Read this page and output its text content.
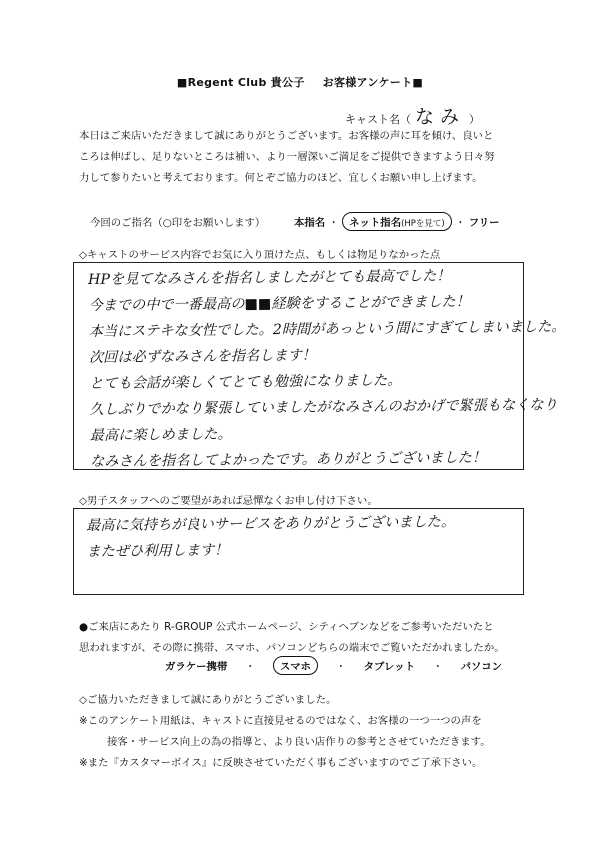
■Regent Club 貴公子 お客様アンケート■
キャスト名（ なみ ）
本日はご来店いただきまして誠にありがとうございます。お客様の声に耳を傾け、良いと
ころは伸ばし、足りないところは補い、より一層深いご満足をご提供できますよう日々努
力して参りたいと考えております。何とぞご協力のほど、宜しくお願い申し上げます。
今回のご指名（○印をお願いします）	本指名 ・ ネット指名(HPを見て) ・ フリー
◇キャストのサービス内容でお気に入り頂けた点、もしくは物足りなかった点
HPを見てなみさんを指名しましたがとても最高でした！
今までの中で一番最高の■■経験をすることができました！
本当にステキな女性でした。2時間があっという間にすぎてしまいました。
次回は必ずなみさんを指名します！
とても会話が楽しくてとても勉強になりました。
久しぶりでかなり緊張していましたがなみさんのおかげで緊張もなくなり
最高に楽しめました。
なみさんを指名してよかったです。ありがとうございました！
◇男子スタッフへのご要望があれば忌憚なくお申し付け下さい。
最高に気持ちが良いサービスをありがとうございました。
またぜひ利用します！
●ご来店にあたり R-GROUP 公式ホームページ、シティヘブンなどをご参考いただいたと
思われますが、その際に携帯、スマホ、パソコンどちらの端末でご覧いただかれましたか。
ガラケー携帯 ・ スマホ ・ タブレット ・ パソコン
◇ご協力いただきまして誠にありがとうございました。
※このアンケート用紙は、キャストに直接見せるのではなく、お客様の一つ一つの声を
接客・サービス向上の為の指導と、より良い店作りの参考とさせていただきます。
※また『カスタマーボイス』に反映させていただく事もございますのでご了承下さい。
